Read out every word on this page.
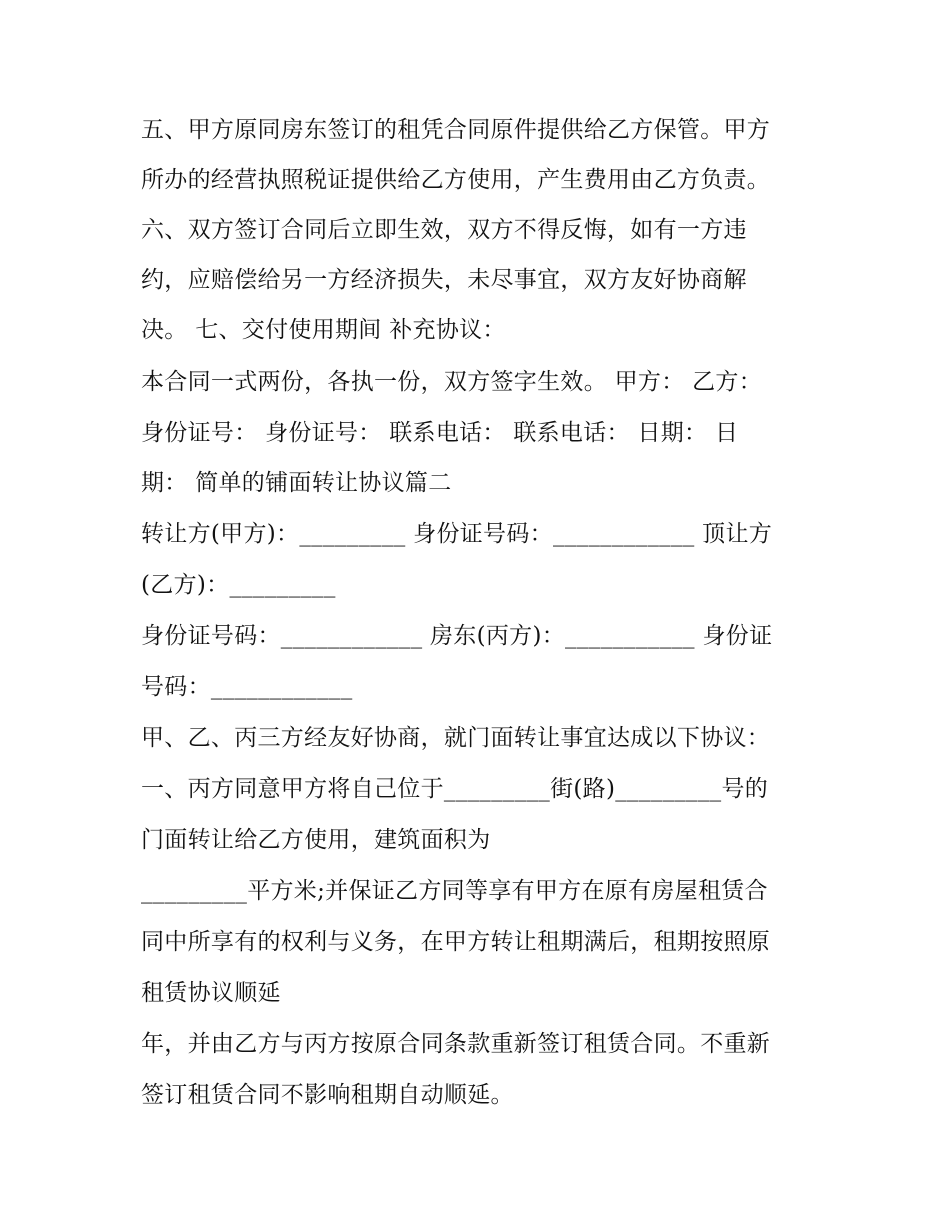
五、甲方原同房东签订的租凭合同原件提供给乙方保管。甲方
所办的经营执照税证提供给乙方使用，产生费用由乙方负责。
六、双方签订合同后立即生效，双方不得反悔，如有一方违
约，应赔偿给另一方经济损失，未尽事宜，双方友好协商解
决。 七、交付使用期间 补充协议：
本合同一式两份，各执一份，双方签字生效。 甲方： 乙方：
身份证号： 身份证号： 联系电话： 联系电话： 日期： 日
期： 简单的铺面转让协议篇二
转让方(甲方)：_________ 身份证号码：____________ 顶让方
(乙方)：_________
身份证号码：____________ 房东(丙方)：___________ 身份证
号码：____________
甲、乙、丙三方经友好协商，就门面转让事宜达成以下协议：
一、丙方同意甲方将自己位于_________街(路)_________号的
门面转让给乙方使用，建筑面积为
_________平方米;并保证乙方同等享有甲方在原有房屋租赁合
同中所享有的权利与义务，在甲方转让租期满后，租期按照原
租赁协议顺延
年，并由乙方与丙方按原合同条款重新签订租赁合同。不重新
签订租赁合同不影响租期自动顺延。
